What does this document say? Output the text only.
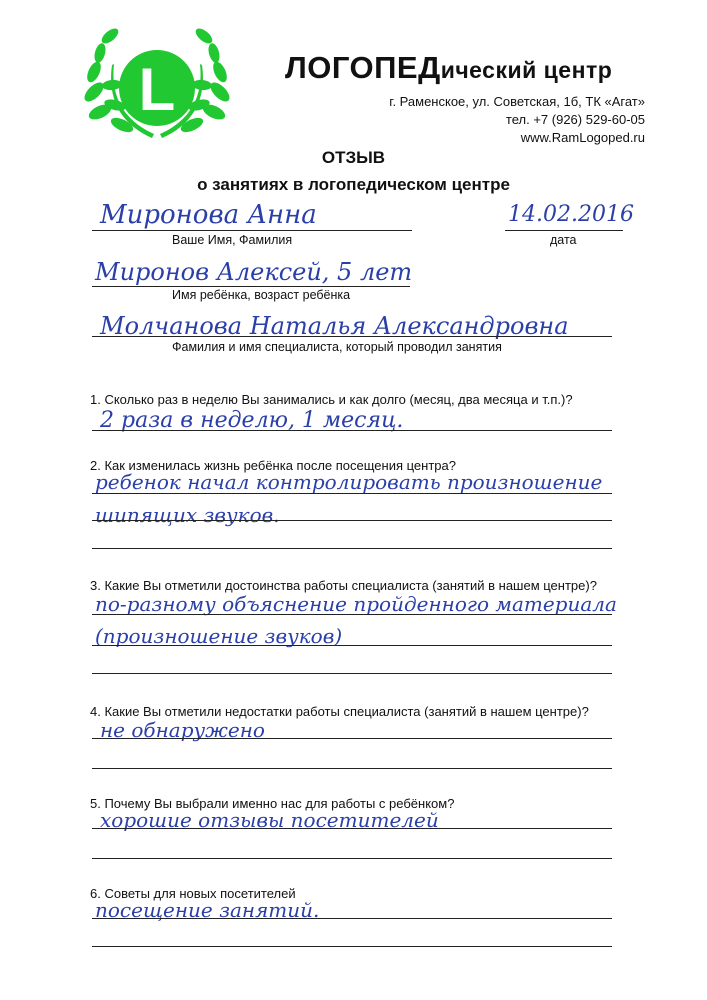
L	ЛОГОПЕДический центр
г. Раменское, ул. Советская, 1б, ТК «Агат»
тел. +7 (926) 529-60-05
www.RamLogoped.ru
ОТЗЫВ
о занятиях в логопедическом центре
Миронова Анна
Ваше Имя, Фамилия
14.02.2016
дата
Миронов Алексей, 5 лет
Имя ребёнка, возраст ребёнка
Молчанова Наталья Александровна
Фамилия и имя специалиста, который проводил занятия
1. Сколько раз в неделю Вы занимались и как долго (месяц, два месяца и т.п.)?
2 раза в неделю, 1 месяц.
2. Как изменилась жизнь ребёнка после посещения центра?
ребенок начал контролировать произношение
шипящих звуков.
3. Какие Вы отметили достоинства работы специалиста (занятий в нашем центре)?
по-разному объяснение пройденного материала
(произношение звуков)
4. Какие Вы отметили недостатки работы специалиста (занятий в нашем центре)?
не обнаружено
5. Почему Вы выбрали именно нас для работы с ребёнком?
хорошие отзывы посетителей
6. Советы для новых посетителей
посещение занятий.
